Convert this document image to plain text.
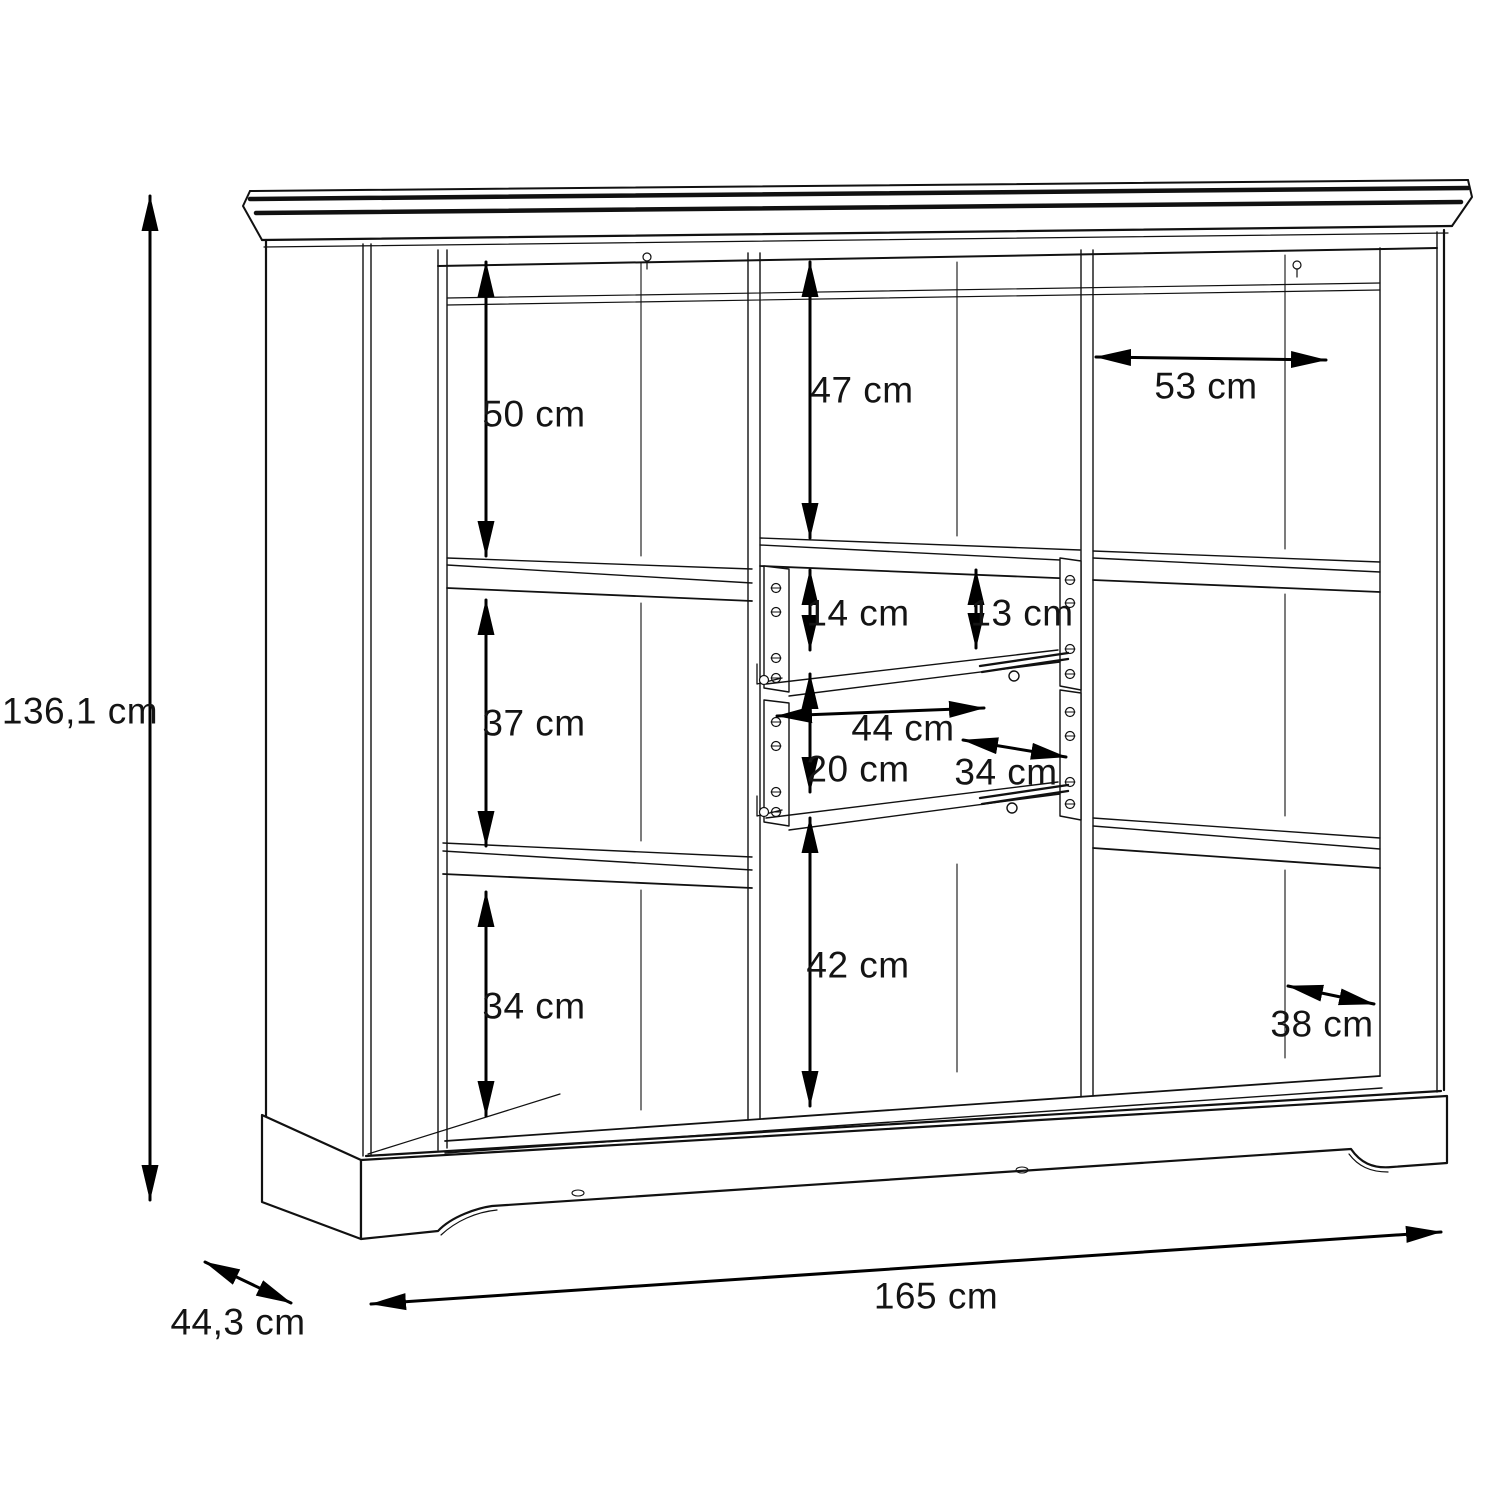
136,1 cm
50 cm
37 cm
34 cm
47 cm
14 cm 13 cm
44 cm
20 cm 34 cm
42 cm
53 cm
38 cm
165 cm
44,3 cm
